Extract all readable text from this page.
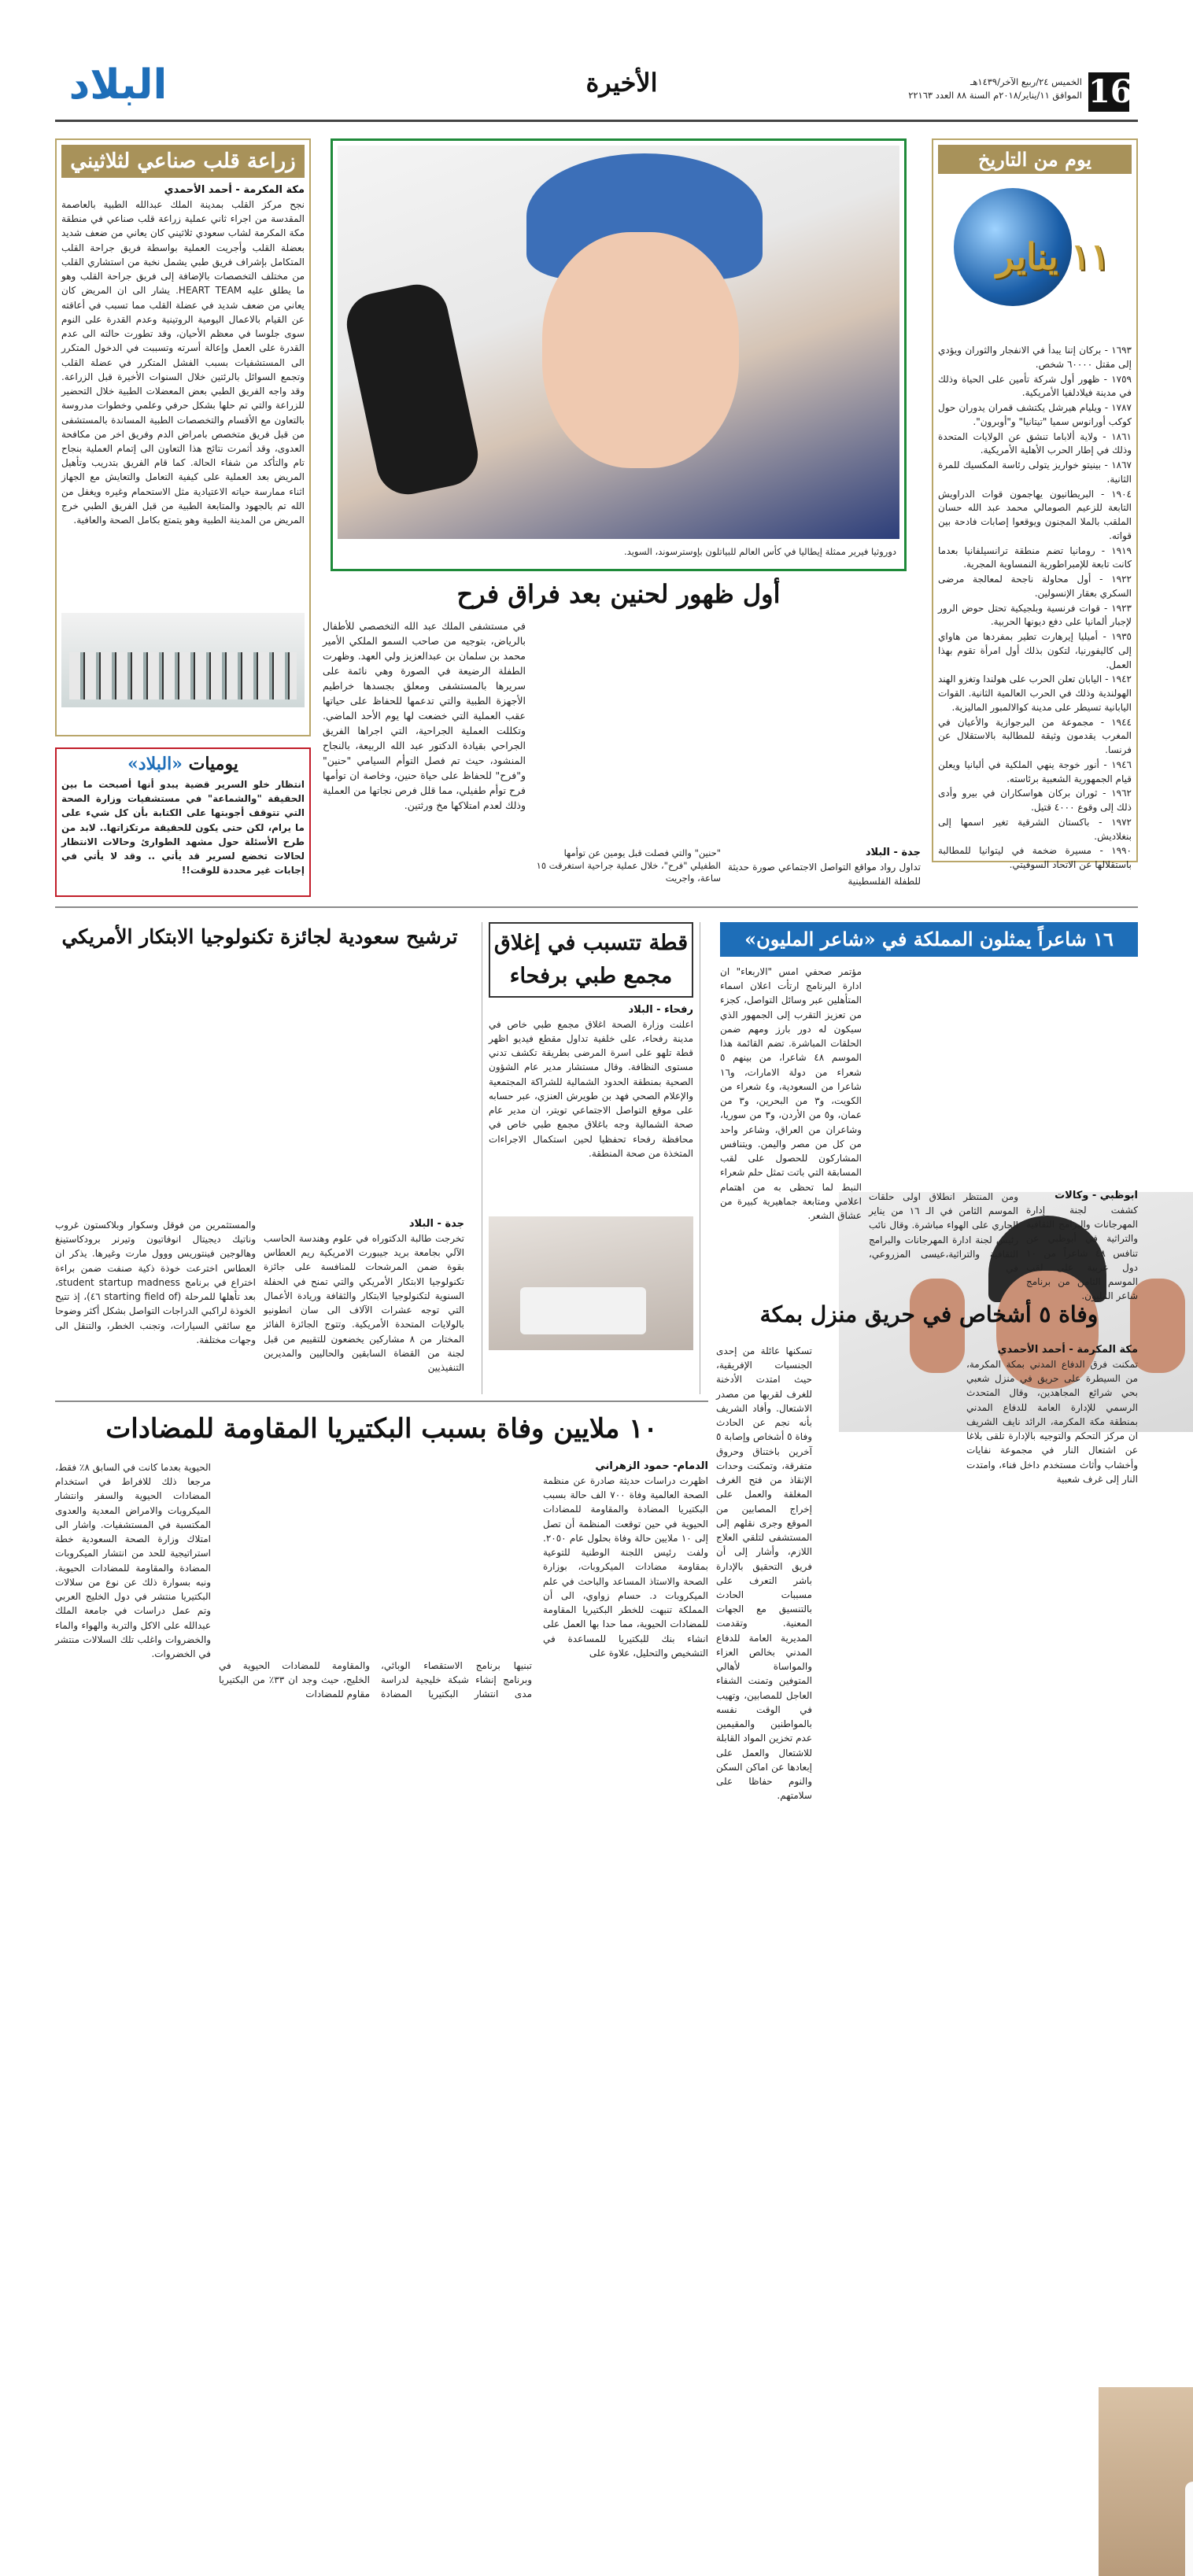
16
الخميس ٢٤/ربيع الآخر/١٤٣٩هـ
الموافق ١١/يناير/٢٠١٨م السنة ٨٨ العدد ٢٢١٦٣
الأخيرة
البلاد
يوم من التاريخ
١١ يناير

١٦٩٣ - بركان إتنا يبدأ في الانفجار والثوران ويؤدي إلى مقتل ٦٠٠٠٠ شخص.

١٧٥٩ - ظهور أول شركة تأمين على الحياة وذلك في مدينة فيلادلفيا الأمريكية.

١٧٨٧ - ويليام هيرشل يكتشف قمران يدوران حول كوكب أورانوس سميا "تيتانيا" و"أوبرون".

١٨٦١ - ولاية ألاباما تنشق عن الولايات المتحدة وذلك في إطار الحرب الأهلية الأمريكية.

١٨٦٧ - بينيتو خواريز يتولى رئاسة المكسيك للمرة الثانية.

١٩٠٤ - البريطانيون يهاجمون قوات الدراويش التابعة للزعيم الصومالي محمد عبد الله حسان الملقب بالملا المجنون ويوقعوا إصابات فادحة بين قواته.

١٩١٩ - رومانيا تضم منطقة ترانسيلفانيا بعدما كانت تابعة للإمبراطورية النمساوية المجرية.

١٩٢٢ - أول محاولة ناجحة لمعالجة مرضى السكري بعقار الإنسولين.

١٩٢٣ - قوات فرنسية وبلجيكية تحتل حوض الرور لإجبار ألمانيا على دفع ديونها الحربية.

١٩٣٥ - أميليا إيرهارت تطير بمفردها من هاواي إلى كاليفورنيا، لتكون بذلك أول امرأة تقوم بهذا العمل.

١٩٤٢ - اليابان تعلن الحرب على هولندا وتغزو الهند الهولندية وذلك في الحرب العالمية الثانية. القوات اليابانية تسيطر على مدينة كوالالمبور الماليزية.

١٩٤٤ - مجموعة من البرجوازية والأعيان في المغرب يقدمون وثيقة للمطالبة بالاستقلال عن فرنسا.

١٩٤٦ - أنور خوجة ينهي الملكية في ألبانيا ويعلن قيام الجمهورية الشعبية برئاسته.

١٩٦٢ - ثوران بركان هواسكاران في بيرو وأدى ذلك إلى وقوع ٤٠٠٠ قتيل.

١٩٧٢ - باكستان الشرقية تغير اسمها إلى بنغلاديش.

١٩٩٠ - مسيرة ضخمة في ليتوانيا للمطالبة باستقلالها عن الاتحاد السوفيتي.

دوروثيا فيرير ممثلة إيطاليا في كأس العالم للبياتلون بإوسترسوند، السويد.
زراعة قلب صناعي لثلاثيني
مكة المكرمة - أحمد الأحمدي
نجح مركز القلب بمدينة الملك عبدالله الطبية بالعاصمة المقدسة من اجراء ثاني عملية زراعة قلب صناعي في منطقة مكة المكرمة لشاب سعودي ثلاثيني كان يعاني من ضعف شديد بعضلة القلب وأجريت العملية بواسطة فريق جراحة القلب المتكامل بإشراف فريق طبي يشمل نخبة من استشاري القلب من مختلف التخصصات بالإضافة إلى فريق جراحة القلب وهو ما يطلق عليه HEART TEAM. يشار الى ان المريض كان يعاني من ضعف شديد في عضلة القلب مما تسبب في أعاقته عن القيام بالاعمال اليومية الروتينية وعدم القدرة على النوم سوى جلوسا في معظم الأحيان، وقد تطورت حالته الى عدم القدرة على العمل وإعالة أسرته وتسببت في الدخول المتكرر الى المستشفيات بسبب الفشل المتكرر في عضلة القلب وتجمع السوائل بالرئتين خلال السنوات الأخيرة قبل الزراعة. وقد واجه الفريق الطبي بعض المعضلات الطبية خلال التحضير للزراعة والتي تم حلها بشكل حرفي وعلمي وخطوات مدروسة بالتعاون مع الأقسام والتخصصات الطبية المساندة بالمستشفى من قبل فريق متخصص بامراض الدم وفريق اخر من مكافحة العدوى، وقد أثمرت نتائج هذا التعاون الى إتمام العملية بنجاح تام والتأكد من شفاء الحالة. كما قام الفريق بتدريب وتأهيل المريض بعد العملية على كيفية التعامل والتعايش مع الجهاز اثناء ممارسة حياته الاعتيادية مثل الاستحمام وغيره ويغفل من الله تم بالجهود والمتابعة الطبية من قبل الفريق الطبي خرج المريض من المدينة الطبية وهو يتمتع بكامل الصحة والعافية.
يوميات «البلاد»
انتظار خلو السرير قضية يبدو أنها أصبحت ما بين الحقيقة "والشماعة" في مستشفيات وزارة الصحة التي تتوقف أجوبتها على الكتابة بأن كل شيء على ما يرام، لكن حتى يكون للحقيقة مرتكزاتها.. لابد من طرح الأسئلة حول مشهد الطوارئ وحالات الانتظار لحالات تخضع لسرير قد يأتي .. وقد لا يأتي في إجابات غير محددة للوقت!!
أول ظهور لحنين بعد فراق فرح
في مستشفى الملك عبد الله التخصصي للأطفال بالرياض، بتوجيه من صاحب السمو الملكي الأمير محمد بن سلمان بن عبدالعزيز ولي العهد. وظهرت الطفلة الرضيعة في الصورة وهي نائمة على سريرها بالمستشفى ومعلق بجسدها خراطيم الأجهزة الطبية والتي تدعمها للحفاظ على حياتها عقب العملية التي خضعت لها يوم الأحد الماضي. وتكللت العملية الجراحية، التي اجراها الفريق الجراحي بقيادة الدكتور عبد الله الربيعة، بالنجاح المنشود، حيث تم فصل التوأم السيامي "حنين" و"فرح" للحفاظ على حياة حنين، وخاصة ان توأمها فرح توأم طفيلي، مما قلل فرص نجاتها من العملية وذلك لعدم امتلاكها مخ ورئتين.
"حنين" والتي فصلت قبل يومين عن توأمها الطفيلي "فرح"، خلال عملية جراحية استغرقت ١٥ ساعة، واجريت
جدة - البلاد
تداول رواد مواقع التواصل الاجتماعي صورة حديثة للطفلة الفلسطينية
ترشيح سعودية لجائزة تكنولوجيا الابتكار الأمريكي
جدة - البلاد
تخرجت طالبة الدكتوراه في علوم وهندسة الحاسب الآلي بجامعة بريد جيبورت الامريكية ريم العطاس بقوة ضمن المرشحات للمنافسة على جائزة تكنولوجيا الابتكار الأمريكي والتي تمنح في الحفلة السنوية لتكنولوجيا الابتكار والثقافة وريادة الأعمال التي توجه عشرات الآلاف الى سان انطونيو بالولايات المتحدة الأمريكية. وتتوج الجائزة الفائز المختار من ٨ مشاركين يخضعون للتقييم من قبل لجنة من القضاة السابقين والحاليين والمديرين التنفيذيين
والمستثمرين من فوقل وسكوار وبلاكستون غروب وناتيك ديجيتال انوفاتيون وتيرنر برودكاستينغ وهالوجين فينتوريس ووول مارت وغيرها. يذكر ان العطاس اخترعت خوذة ذكية صنفت ضمن براءة اختراع في برنامج student startup madness، بعد تأهلها للمرحلة (starting field of ٤٦)، إذ تتيح الخوذة لراكبي الدراجات التواصل بشكل أكثر وضوحا مع سائقي السيارات، وتجنب الخطر، والتنقل الى وجهات مختلفة.
قطة تتسبب في إغلاق مجمع طبي برفحاء
رفحاء - البلاد
اعلنت وزارة الصحة اغلاق مجمع طبي خاص في مدينة رفحاء، على خلفية تداول مقطع فيديو اظهر قطة تلهو على اسرة المرضى بطريقة تكشف تدني مستوى النظافة. وقال مستشار مدير عام الشؤون الصحية بمنطقة الحدود الشمالية للشراكة المجتمعية والإعلام الصحي فهد بن طويرش العنزي، عبر حسابه على موقع التواصل الاجتماعي تويتر، ان مدير عام صحة الشمالية وجه باغلاق مجمع طبي خاص في محافظة رفحاء تحفظيا لحين استكمال الاجراءات المتخذة من صحة المنطقة.
١٦ شاعراً يمثلون المملكة في «شاعر المليون»
ابوظبي - وكالات
كشفت لجنة إدارة المهرجانات والبرامج الثقافية والتراثية في أبوظبي عن تنافس ٤٨ شاعراً من ١٠ دول عربية على لقب الموسم الثامن من برنامج شاعر المليون.
ومن المنتظر انطلاق اولى حلقات الموسم الثامن في الـ ١٦ من يناير الجاري على الهواء مباشرة. وقال نائب رئيس لجنة ادارة المهرجانات والبرامج الثقافية والتراثية،عيسى المزروعي، في
مؤتمر صحفي امس "الاربعاء" ان ادارة البرنامج ارتأت اعلان اسماء المتأهلين عبر وسائل التواصل، كجزء من تعزيز التقرب إلى الجمهور الذي سيكون له دور بارز ومهم ضمن الحلقات المباشرة. تضم القائمة هذا الموسم ٤٨ شاعرا، من بينهم ٥ شعراء من دولة الامارات، و١٦ شاعرا من السعودية، و٤ شعراء من الكويت، و٣ من البحرين، و٣ من عمان، و٥ من الأردن، و٣ من سوريا، وشاعران من العراق، وشاعر واحد من كل من مصر واليمن. ويتنافس المشاركون للحصول على لقب المسابقة التي باتت تمثل حلم شعراء النبط لما تحظى به من اهتمام اعلامي ومتابعة جماهيرية كبيرة من عشاق الشعر.
وفاة ٥ أشخاص في حريق منزل بمكة
مكة المكرمة - أحمد الأحمدي
تمكنت فرق الدفاع المدني بمكة المكرمة، من السيطرة على حريق في منزل شعبي بحي شرائع المجاهدين، وقال المتحدث الرسمي للإدارة العامة للدفاع المدني بمنطقة مكة المكرمة، الرائد نايف الشريف ان مركز التحكم والتوجيه بالإدارة تلقى بلاغا عن اشتعال النار في مجموعة نفايات وأخشاب وأثاث مستخدم داخل فناء، وامتدت النار إلى غرف شعبية
تسكنها عائلة من إحدى الجنسيات الإفريقية، حيث امتدت الأدخنة للغرف لقربها من مصدر الاشتعال. وأفاد الشريف بأنه نجم عن الحادث وفاة ٥ أشخاص وإصابة ٥ آخرين باختناق وحروق متفرقة، وتمكنت وحدات الإنقاذ من فتح الغرف المغلقة والعمل على إخراج المصابين من الموقع وجرى نقلهم إلى المستشفى لتلقي العلاج اللازم، وأشار إلى أن فريق التحقيق بالإدارة باشر التعرف على مسببات الحادث بالتنسيق مع الجهات المعنية. وتقدمت المديرية العامة للدفاع المدني بخالص العزاء والمواساة لأهالي المتوفين وتمنت الشفاء العاجل للمصابين، وتهيب في الوقت نفسه بالمواطنين والمقيمين عدم تخزين المواد القابلة للاشتعال والعمل على إبعادها عن اماكن السكن والنوم حفاظا على سلامتهم.
١٠ ملايين وفاة بسبب البكتيريا المقاومة للمضادات
الدمام- حمود الزهراني
اظهرت دراسات حديثة صادرة عن منظمة الصحة العالمية وفاة ٧٠٠ الف حالة بسبب البكتيريا المضادة والمقاومة للمضادات الحيوية في حين توقعت المنظمة أن تصل إلى ١٠ ملايين حالة وفاة بحلول عام ٢٠٥٠. ولفت رئيس اللجنة الوطنية للتوعية بمقاومة مضادات الميكروبات، بوزارة الصحة والاستاذ المساعد والباحث في علم الميكروبات د. حسام زواوي، الى أن المملكة تنبهت للخطر البكتيريا المقاومة للمضادات الحيوية، مما حدا بها العمل على انشاء بنك للبكتيريا للمساعدة في التشخيص والتحليل، علاوة على
تبنيها برنامج الاستقصاء الوبائي، وبرنامج إنشاء شبكة خليجية لدراسة مدى انتشار البكتيريا المضادة والمقاومة للمضادات الحيوية في الخليج، حيث وجد ان ٣٣٪ من البكتيريا مقاوم للمضادات
الحيوية بعدما كانت في السابق ٨٪ فقط، مرجعا ذلك للافراط في استخدام المضادات الحيوية والسفر وانتشار الميكروبات والامراض المعدية والعدوى المكتسبة في المستشفيات. واشار الى امتلاك وزارة الصحة السعودية خطة استراتيجية للحد من انتشار الميكروبات المضادة والمقاومة للمضادات الحيوية. ونبه بسوارة ذلك عن نوع من سلالات البكتيريا منتشر في دول الخليج العربي وتم عمل دراسات في جامعة الملك عبدالله على الاكل والتربة والهواء والماء والخضروات واغلب تلك السلالات منتشر في الخضروات.
